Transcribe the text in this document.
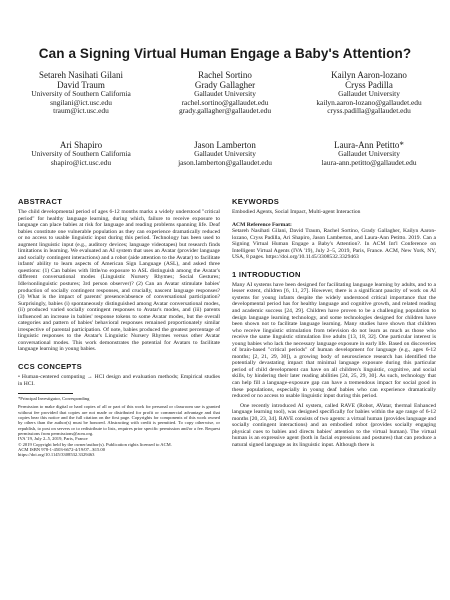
Can a Signing Virtual Human Engage a Baby's Attention?
Setareh Nasihati Gilani
David Traum
University of Southern California
sngilani@ict.usc.edu
traum@ict.usc.edu
Rachel Sortino
Grady Gallagher
Gallaudet University
rachel.sortino@gallaudet.edu
grady.gallagher@gallaudet.edu
Kailyn Aaron-lozano
Cryss Padilla
Gallaudet University
kailyn.aaron-lozano@gallaudet.edu
cryss.padilla@gallaudet.edu
Ari Shapiro
University of Southern California
shapiro@ict.usc.edu
Jason Lamberton
Gallaudet University
jason.lamberton@gallaudet.edu
Laura-Ann Petitto*
Gallaudet University
laura-ann.petitto@gallaudet.edu
ABSTRACT

The child developmental period of ages 6-12 months marks a widely understood "critical period" for healthy language learning, during which, failure to receive exposure to language can place babies at risk for language and reading problems spanning life. Deaf babies constitute one vulnerable population as they can experience dramatically reduced or no access to usable linguistic input during this period. Technology has been used to augment linguistic input (e.g., auditory devices; language videotapes) but research finds limitations in learning. We evaluated an AI system that uses an Avatar (provider language and socially contingent interactions) and a robot (aide attention to the Avatar) to facilitate infants' ability to learn aspects of American Sign Language (ASL), and asked three questions: (1) Can babies with little/no exposure to ASL distinguish among the Avatar's different conversational modes (Linguistic Nursery Rhymes; Social Gestures; Idle/nonlinguistic postures; 3rd person observer)? (2) Can an Avatar stimulate babies' production of socially contingent responses, and crucially, nascent language responses? (3) What is the impact of parents' presence/absence of conversational participation? Surprisingly, babies (i) spontaneously distinguished among Avatar conversational modes, (ii) produced varied socially contingent responses to Avatar's modes, and (iii) parents influenced an increase in babies' response tokens to some Avatar modes, but the overall categories and pattern of babies' behavioral responses remained proportionately similar irrespective of parental participation. Of note, babies produced the greatest percentage of linguistic responses to the Avatar's Linguistic Nursery Rhymes versus other Avatar conversational modes. This work demonstrates the potential for Avatars to facilitate language learning in young babies.

CCS CONCEPTS

• Human-centered computing → HCI design and evaluation methods; Empirical studies in HCI.

*Principal Investigator, Corresponding
Permission to make digital or hard copies of all or part of this work for personal or classroom use is granted without fee provided that copies are not made or distributed for profit or commercial advantage and that copies bear this notice and the full citation on the first page. Copyrights for components of this work owned by others than the author(s) must be honored. Abstracting with credit is permitted. To copy otherwise, or republish, to post on servers or to redistribute to lists, requires prior specific permission and/or a fee. Request permissions from permissions@acm.org.
IVA '19, July 2–5, 2019, Paris, France
© 2019 Copyright held by the owner/author(s). Publication rights licensed to ACM.
ACM ISBN 978-1-4503-6672-4/19/07...$15.00
https://doi.org/10.1145/3308532.3329463
KEYWORDS

Embodied Agents, Social Impact, Multi-agent Interaction

ACM Reference Format:

Setareh Nasihati Gilani, David Traum, Rachel Sortino, Grady Gallagher, Kailyn Aaron-lozano, Cryss Padilla, Ari Shapiro, Jason Lamberton, and Laura-Ann Petitto. 2019. Can a Signing Virtual Human Engage a Baby's Attention?. In ACM Int'l Conference on Intelligent Virtual Agents (IVA '19), July 2–5, 2019, Paris, France. ACM, New York, NY, USA, 8 pages. https://doi.org/10.1145/3308532.3329463

1 INTRODUCTION

Many AI systems have been designed for facilitating language learning by adults, and to a lesser extent, children [6, 11, 27]. However, there is a significant paucity of work on AI systems for young infants despite the widely understood critical importance that the developmental period has for healthy language and cognitive growth, and related reading and academic success [24, 29]. Children have proven to be a challenging population to design language learning technology, and some technologies designed for children have been shown not to facilitate language learning. Many studies have shown that children who receive linguistic stimulation from television do not learn as much as those who receive the same linguistic stimulation live adults [13, 18, 32]. One particular interest is young babies who lack the necessary language exposure in early life. Based on discoveries of brain-based "critical periods" of human development for language (e.g., ages 6-12 months; [2, 21, 29, 30]), a growing body of neuroscience research has identified the potentially devastating impact that minimal language exposure during this particular period of child development can have on all children's linguistic, cognitive, and social skills, by hindering their later reading abilities [24, 25, 29, 30]. As such, technology that can help fill a language-exposure gap can have a tremendous impact for social good in these populations, especially in young deaf babies who can experience dramatically reduced or no access to usable linguistic input during this period.

One recently introduced AI system, called RAVE (Robot, AVatar, thermal Enhanced language learning tool), was designed specifically for babies within the age range of 6-12 months [20, 23, 34]. RAVE consists of two agents: a virtual human (provides language and socially contingent interactions) and an embodied robot (provides socially engaging physical cues to babies and directs babies' attention to the virtual human). The virtual human is an expressive agent (both in facial expressions and postures) that can produce a natural signed language as its linguistic input. Although there is
